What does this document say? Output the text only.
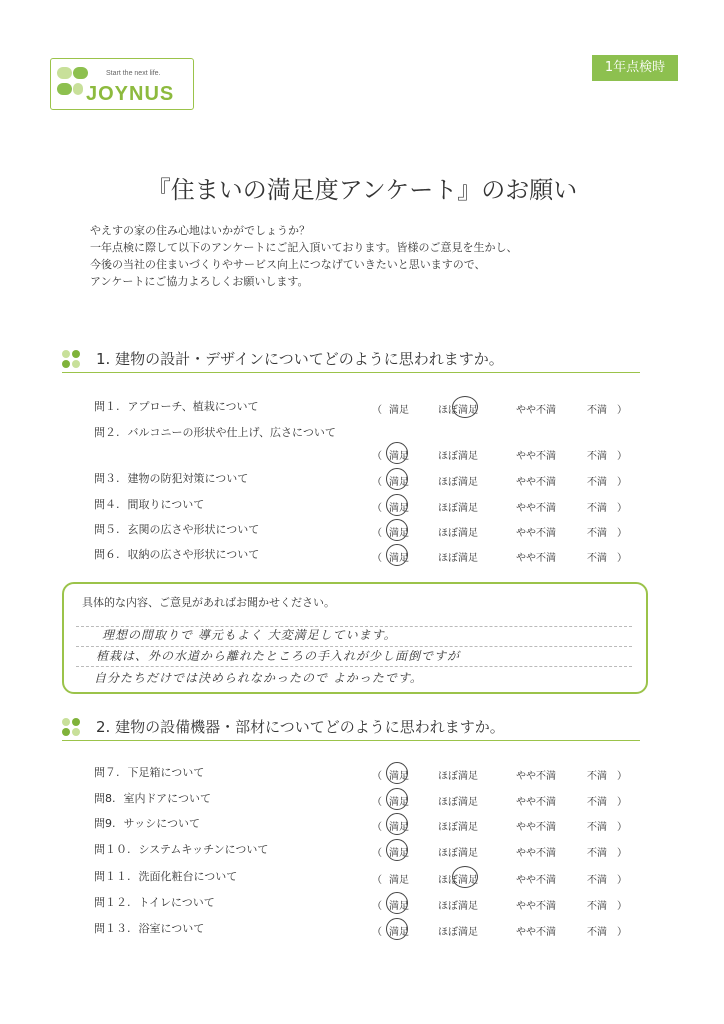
Start the next life.
JOYNUS
1年点検時
『住まいの満足度アンケート』のお願い
やえすの家の住み心地はいかがでしょうか？
一年点検に際して以下のアンケートにご記入頂いております。皆様のご意見を生かし、
今後の当社の住まいづくりやサービス向上につなげていきたいと思いますので、
アンケートにご協力よろしくお願いします。
1. 建物の設計・デザインについてどのように思われますか。
具体的な内容、ご意見があればお聞かせください。
理想の間取りで 導元もよく 大変満足しています。
植栽は、外の水道から離れたところの手入れが少し面倒ですが
自分たちだけでは決められなかったので よかったです。
2. 建物の設備機器・部材についてどのように思われますか。
問１. アプローチ、植栽について	（ 満足	ほぼ満足	やや不満	不満 ）
問２. バルコニーの形状や仕上げ、広さについて
（ 満足	ほぼ満足	やや不満	不満 ）
問３. 建物の防犯対策について	（ 満足	ほぼ満足	やや不満	不満 ）
問４. 間取りについて	（ 満足	ほぼ満足	やや不満	不満 ）
問５. 玄関の広さや形状について	（ 満足	ほぼ満足	やや不満	不満 ）
問６. 収納の広さや形状について	（ 満足	ほぼ満足	やや不満	不満 ）
問７. 下足箱について	（ 満足	ほぼ満足	やや不満	不満 ）
問8. 室内ドアについて	（ 満足	ほぼ満足	やや不満	不満 ）
問9. サッシについて	（ 満足	ほぼ満足	やや不満	不満 ）
問１０. システムキッチンについて	（ 満足	ほぼ満足	やや不満	不満 ）
問１１. 洗面化粧台について	（ 満足	ほぼ満足	やや不満	不満 ）
問１２. トイレについて	（ 満足	ほぼ満足	やや不満	不満 ）
問１３. 浴室について	（ 満足	ほぼ満足	やや不満	不満 ）
